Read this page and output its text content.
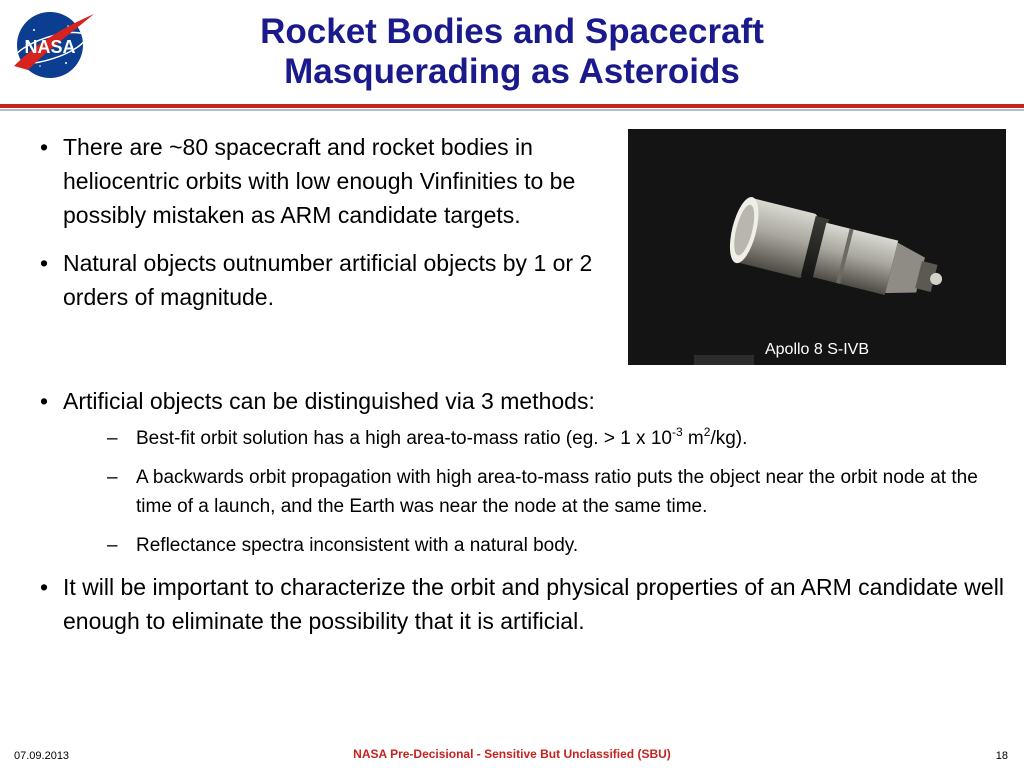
NASA	Rocket Bodies and Spacecraft
Masquerading as Asteroids
• There are ~80 spacecraft and rocket bodies in heliocentric orbits with low enough Vinfinities to be possibly mistaken as ARM candidate targets.
• Natural objects outnumber artificial objects by 1 or 2 orders of magnitude.
Apollo 8 S-IVB
• Artificial objects can be distinguished via 3 methods:
– Best-fit orbit solution has a high area-to-mass ratio (eg. > 1 x $10^{-3}$ $m^2/kg$).
– A backwards orbit propagation with high area-to-mass ratio puts the object near the orbit node at the time of a launch, and the Earth was near the node at the same time.
– Reflectance spectra inconsistent with a natural body.
• It will be important to characterize the orbit and physical properties of an ARM candidate well enough to eliminate the possibility that it is artificial.
07.09.2013	NASA Pre-Decisional - Sensitive But Unclassified (SBU)	18
